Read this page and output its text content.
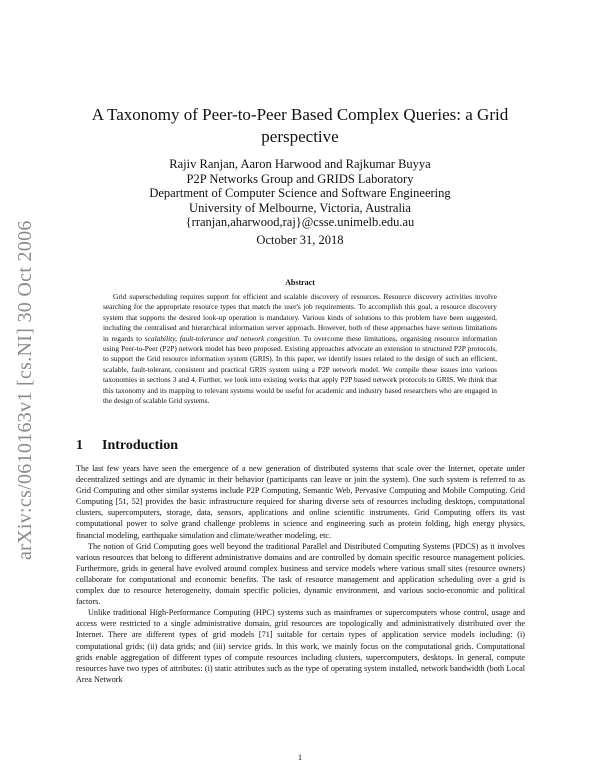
arXiv:cs/0610163v1 [cs.NI] 30 Oct 2006
A Taxonomy of Peer-to-Peer Based Complex Queries: a Grid perspective
Rajiv Ranjan, Aaron Harwood and Rajkumar Buyya
P2P Networks Group and GRIDS Laboratory
Department of Computer Science and Software Engineering
University of Melbourne, Victoria, Australia
{rranjan,aharwood,raj}@csse.unimelb.edu.au
October 31, 2018
Abstract
Grid superscheduling requires support for efficient and scalable discovery of resources. Resource discovery activities involve searching for the appropriate resource types that match the user's job requirements. To accomplish this goal, a resource discovery system that supports the desired look-up operation is mandatory. Various kinds of solutions to this problem have been suggested, including the centralised and hierarchical information server approach. However, both of these approaches have serious limitations in regards to scalability, fault-tolerance and network congestion. To overcome these limitations, organising resource information using Peer-to-Peer (P2P) network model has been proposed. Existing approaches advocate an extension to structured P2P protocols, to support the Grid resource information system (GRIS). In this paper, we identify issues related to the design of such an efficient, scalable, fault-tolerant, consistent and practical GRIS system using a P2P network model. We compile these issues into various taxonomies in sections 3 and 4. Further, we look into existing works that apply P2P based network protocols to GRIS. We think that this taxonomy and its mapping to relevant systems would be useful for academic and industry based researchers who are engaged in the design of scalable Grid systems.
1 Introduction

The last few years have seen the emergence of a new generation of distributed systems that scale over the Internet, operate under decentralized settings and are dynamic in their behavior (participants can leave or join the system). One such system is referred to as Grid Computing and other similar systems include P2P Computing, Semantic Web, Pervasive Computing and Mobile Computing. Grid Computing [51, 52] provides the basic infrastructure required for sharing diverse sets of resources including desktops, computational clusters, supercomputers, storage, data, sensors, applications and online scientific instruments. Grid Computing offers its vast computational power to solve grand challenge problems in science and engineering such as protein folding, high energy physics, financial modeling, earthquake simulation and climate/weather modeling, etc.

The notion of Grid Computing goes well beyond the traditional Parallel and Distributed Computing Systems (PDCS) as it involves various resources that belong to different administrative domains and are controlled by domain specific resource management policies. Furthermore, grids in general have evolved around complex business and service models where various small sites (resource owners) collaborate for computational and economic benefits. The task of resource management and application scheduling over a grid is complex due to resource heterogeneity, domain specific policies, dynamic environment, and various socio-economic and political factors.

Unlike traditional High-Performance Computing (HPC) systems such as mainframes or supercomputers whose control, usage and access were restricted to a single administrative domain, grid resources are topologically and administratively distributed over the Internet. There are different types of grid models [71] suitable for certain types of application service models including: (i) computational grids; (ii) data grids; and (iii) service grids. In this work, we mainly focus on the computational grids. Computational grids enable aggregation of different types of compute resources including clusters, supercomputers, desktops. In general, compute resources have two types of attributes: (i) static attributes such as the type of operating system installed, network bandwidth (both Local Area Network

1
